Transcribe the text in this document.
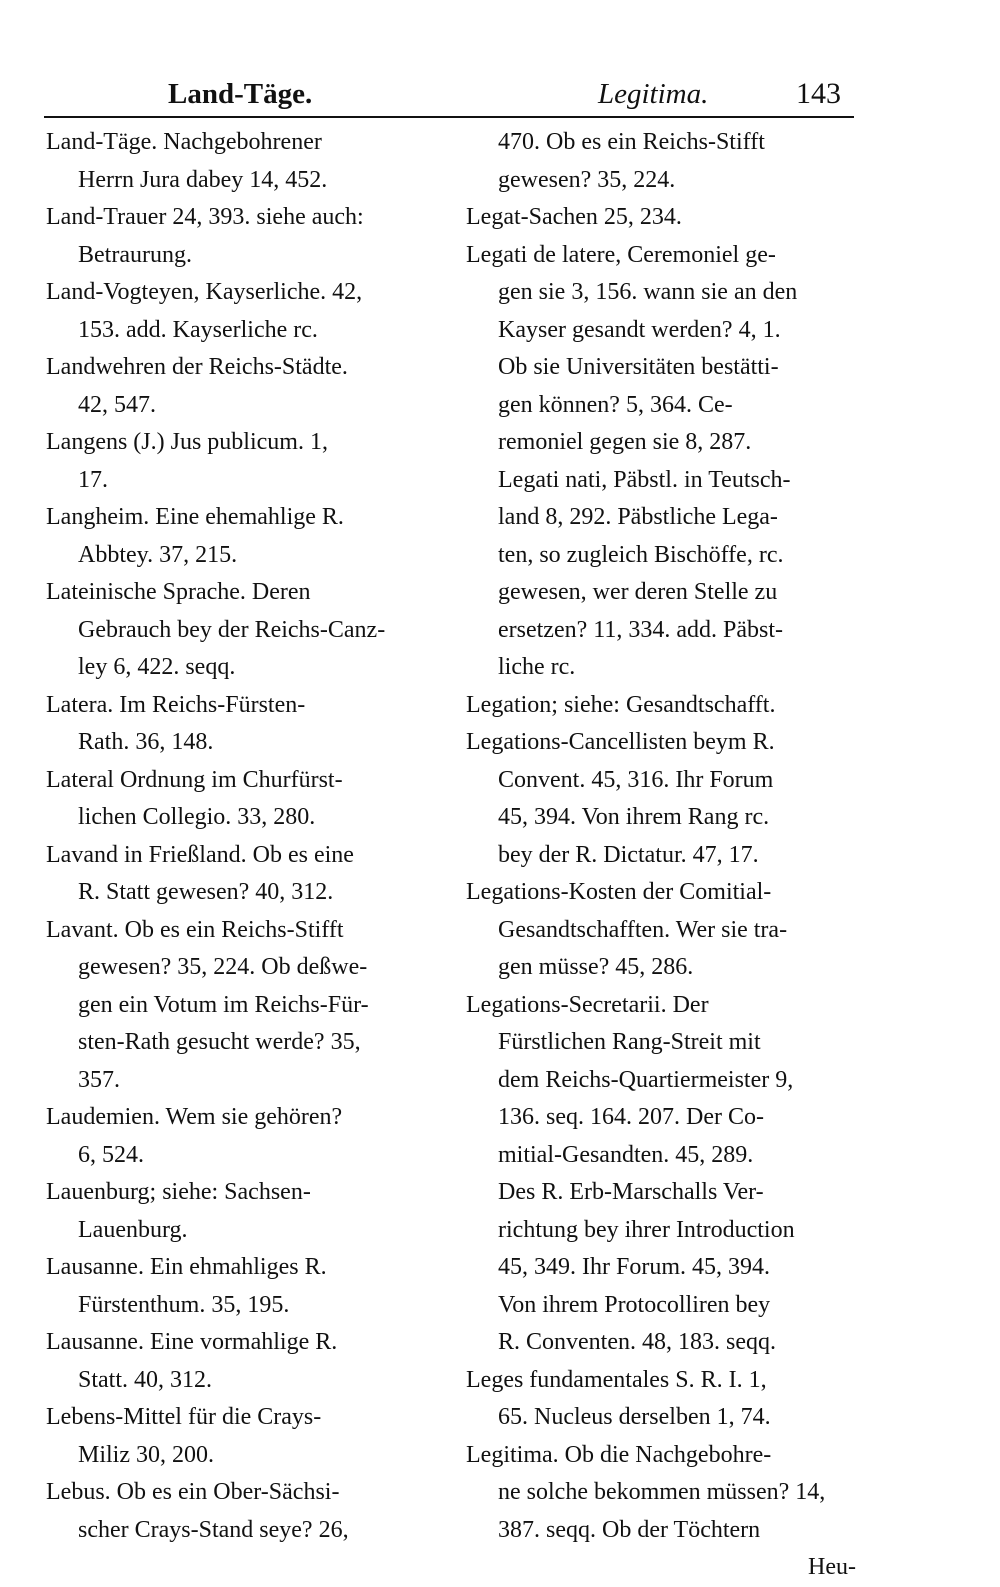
Land-Täge.	Legitima.	143
Land-Täge. Nachgebohrener
Herrn Jura dabey 14, 452.
Land-Trauer 24, 393. siehe auch:
Betraurung.
Land-Vogteyen, Kayserliche. 42,
153. add. Kayserliche rc.
Landwehren der Reichs-Städte.
42, 547.
Langens (J.) Jus publicum. 1,
17.
Langheim. Eine ehemahlige R.
Abbtey. 37, 215.
Lateinische Sprache. Deren
Gebrauch bey der Reichs-Canz-
ley 6, 422. seqq.
Latera. Im Reichs-Fürsten-
Rath. 36, 148.
Lateral Ordnung im Churfürst-
lichen Collegio. 33, 280.
Lavand in Frießland. Ob es eine
R. Statt gewesen? 40, 312.
Lavant. Ob es ein Reichs-Stifft
gewesen? 35, 224. Ob deßwe-
gen ein Votum im Reichs-Für-
sten-Rath gesucht werde? 35,
357.
Laudemien. Wem sie gehören?
6, 524.
Lauenburg; siehe: Sachsen-
Lauenburg.
Lausanne. Ein ehmahliges R.
Fürstenthum. 35, 195.
Lausanne. Eine vormahlige R.
Statt. 40, 312.
Lebens-Mittel für die Crays-
Miliz 30, 200.
Lebus. Ob es ein Ober-Sächsi-
scher Crays-Stand seye? 26,
470. Ob es ein Reichs-Stifft
gewesen? 35, 224.
Legat-Sachen 25, 234.
Legati de latere, Ceremoniel ge-
gen sie 3, 156. wann sie an den
Kayser gesandt werden? 4, 1.
Ob sie Universitäten bestätti-
gen können? 5, 364. Ce-
remoniel gegen sie 8, 287.
Legati nati, Päbstl. in Teutsch-
land 8, 292. Päbstliche Lega-
ten, so zugleich Bischöffe, rc.
gewesen, wer deren Stelle zu
ersetzen? 11, 334. add. Päbst-
liche rc.
Legation; siehe: Gesandtschafft.
Legations-Cancellisten beym R.
Convent. 45, 316. Ihr Forum
45, 394. Von ihrem Rang rc.
bey der R. Dictatur. 47, 17.
Legations-Kosten der Comitial-
Gesandtschafften. Wer sie tra-
gen müsse? 45, 286.
Legations-Secretarii. Der
Fürstlichen Rang-Streit mit
dem Reichs-Quartiermeister 9,
136. seq. 164. 207. Der Co-
mitial-Gesandten. 45, 289.
Des R. Erb-Marschalls Ver-
richtung bey ihrer Introduction
45, 349. Ihr Forum. 45, 394.
Von ihrem Protocolliren bey
R. Conventen. 48, 183. seqq.
Leges fundamentales S. R. I. 1,
65. Nucleus derselben 1, 74.
Legitima. Ob die Nachgebohre-
ne solche bekommen müssen? 14,
387. seqq. Ob der Töchtern
Heu-
